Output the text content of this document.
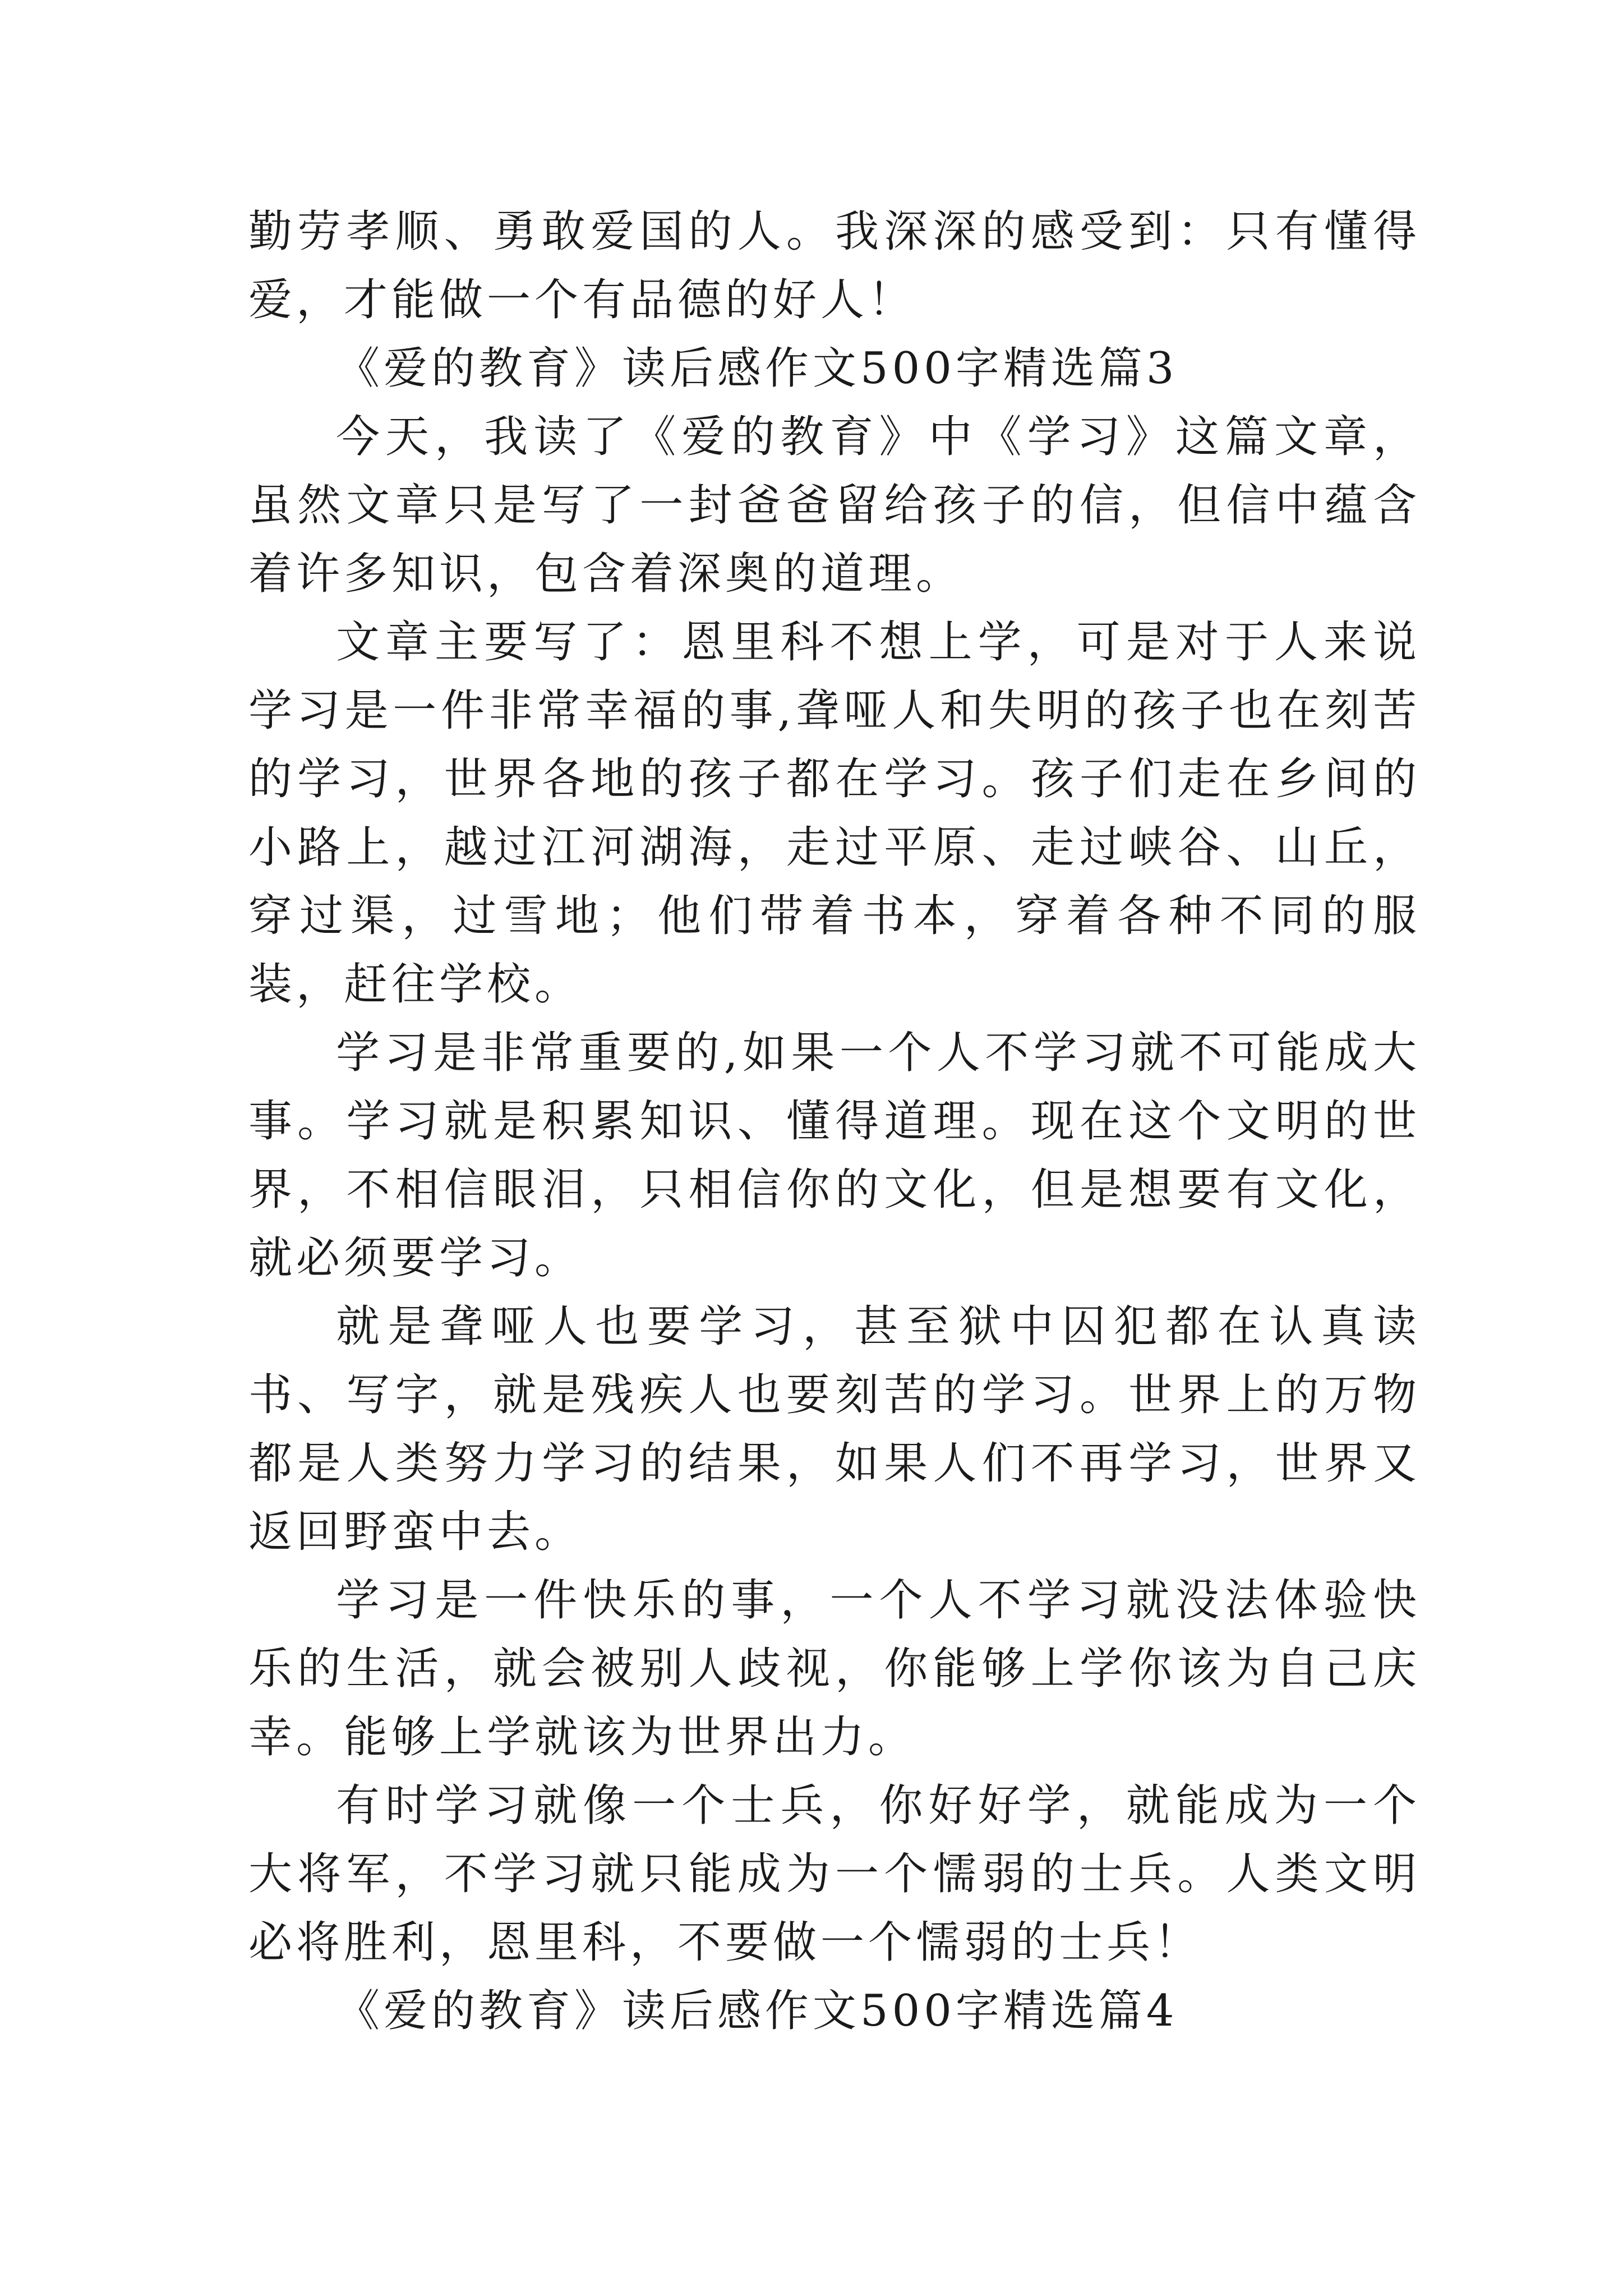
勤劳孝顺、勇敢爱国的人。我深深的感受到：只有懂得爱，才能做一个有品德的好人！

《爱的教育》读后感作文500字精选篇3

今天，我读了《爱的教育》中《学习》这篇文章，虽然文章只是写了一封爸爸留给孩子的信，但信中蕴含着许多知识，包含着深奥的道理。

文章主要写了：恩里科不想上学，可是对于人来说学习是一件非常幸福的事,聋哑人和失明的孩子也在刻苦的学习，世界各地的孩子都在学习。孩子们走在乡间的小路上，越过江河湖海，走过平原、走过峡谷、山丘，穿过渠，过雪地；他们带着书本，穿着各种不同的服装，赶往学校。

学习是非常重要的,如果一个人不学习就不可能成大事。学习就是积累知识、懂得道理。现在这个文明的世界，不相信眼泪，只相信你的文化，但是想要有文化，就必须要学习。

就是聋哑人也要学习，甚至狱中囚犯都在认真读书、写字，就是残疾人也要刻苦的学习。世界上的万物都是人类努力学习的结果，如果人们不再学习，世界又返回野蛮中去。

学习是一件快乐的事，一个人不学习就没法体验快乐的生活，就会被别人歧视，你能够上学你该为自己庆幸。能够上学就该为世界出力。

有时学习就像一个士兵，你好好学，就能成为一个大将军，不学习就只能成为一个懦弱的士兵。人类文明必将胜利，恩里科，不要做一个懦弱的士兵！

《爱的教育》读后感作文500字精选篇4
